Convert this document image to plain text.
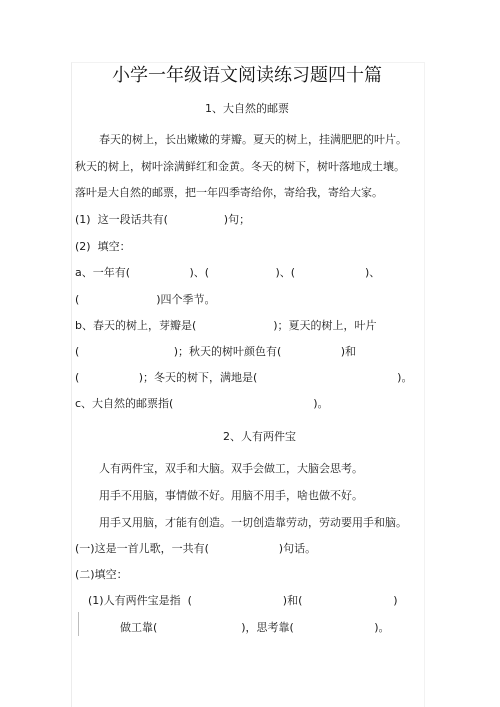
小学一年级语文阅读练习题四十篇
1、大自然的邮票
春天的树上，长出嫩嫩的芽瓣。夏天的树上，挂满肥肥的叶片。
秋天的树上，树叶涂满鲜红和金黄。冬天的树下，树叶落地成土壤。
落叶是大自然的邮票，把一年四季寄给你，寄给我，寄给大家。
(1)  这一段话共有(                )句；
(2)  填空：
a、一年有(                 )、(                   )、(                    )、
(                      )四个季节。
b、春天的树上，芽瓣是(                      )；夏天的树上，叶片
(                           )；秋天的树叶颜色有(                 )和
(                 )；冬天的树下，满地是(                                        )。
c、大自然的邮票指(                                        )。
2、人有两件宝
人有两件宝，双手和大脑。双手会做工，大脑会思考。
用手不用脑，事情做不好。用脑不用手，啥也做不好。
用手又用脑，才能有创造。一切创造靠劳动，劳动要用手和脑。
(一)这是一首儿歌，一共有(                    )句话。
(二)填空：
(1)人有两件宝是指  (                          )和(                          )
做工靠(                        )，思考靠(                       )。
